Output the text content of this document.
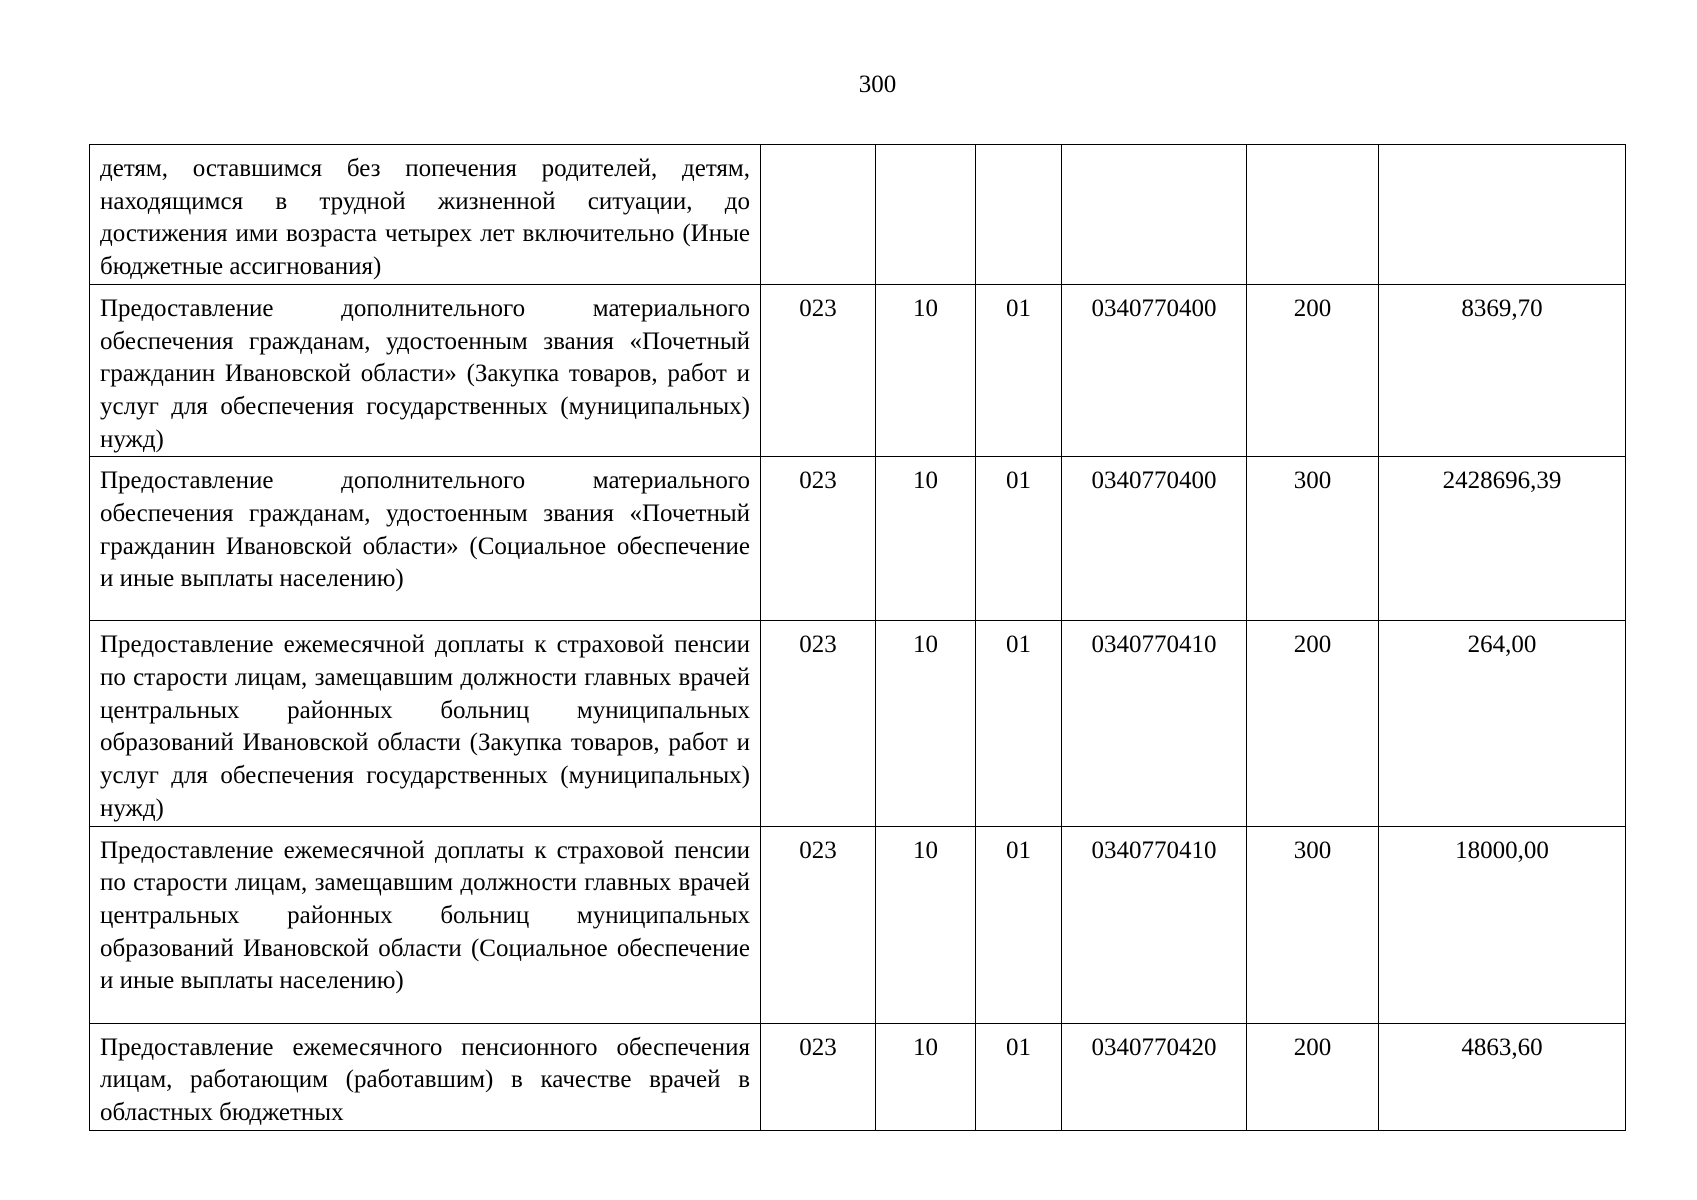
300
детям, оставшимся без попечения родителей, детям, находящимся в трудной жизненной ситуации, до достижения ими возраста четырех лет включительно (Иные бюджетные ассигнования)						

Предоставление дополнительного материального обеспечения гражданам, удостоенным звания «Почетный гражданин Ивановской области» (Закупка товаров, работ и услуг для обеспечения государственных (муниципальных) нужд)	023	10	01	0340770400	200	8369,70

Предоставление дополнительного материального обеспечения гражданам, удостоенным звания «Почетный гражданин Ивановской области» (Социальное обеспечение и иные выплаты населению)	023	10	01	0340770400	300	2428696,39

Предоставление ежемесячной доплаты к страховой пенсии по старости лицам, замещавшим должности главных врачей центральных районных больниц муниципальных образований Ивановской области (Закупка товаров, работ и услуг для обеспечения государственных (муниципальных) нужд)	023	10	01	0340770410	200	264,00

Предоставление ежемесячной доплаты к страховой пенсии по старости лицам, замещавшим должности главных врачей центральных районных больниц муниципальных образований Ивановской области (Социальное обеспечение и иные выплаты населению)	023	10	01	0340770410	300	18000,00

Предоставление ежемесячного пенсионного обеспечения лицам, работающим (работавшим) в качестве врачей в областных бюджетных	023	10	01	0340770420	200	4863,60
